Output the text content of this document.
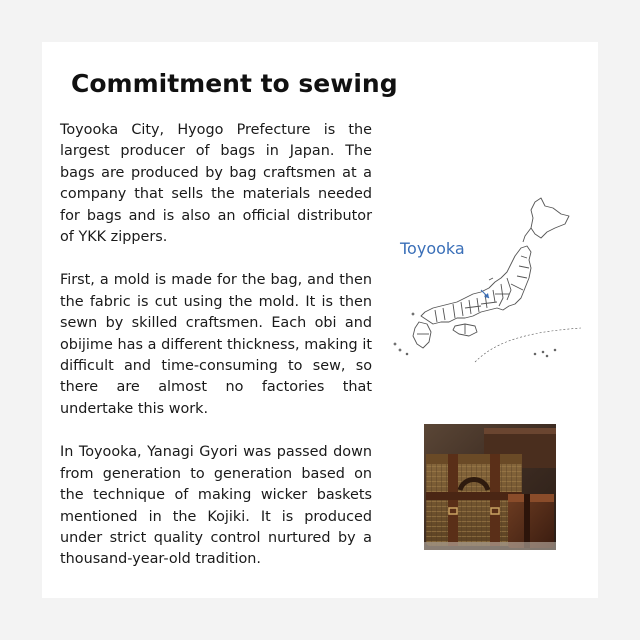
Commitment to sewing

Toyooka City, Hyogo Prefecture is the largest producer of bags in Japan. The bags are produced by bag craftsmen at a company that sells the materials needed for bags and is also an official distributor of YKK zippers.

First, a mold is made for the bag, and then the fabric is cut using the mold. It is then sewn by skilled craftsmen. Each obi and obijime has a different thickness, making it difficult and time-consuming to sew, so there are almost no factories that undertake this work.

In Toyooka, Yanagi Gyori was passed down from generation to generation based on the technique of making wicker baskets mentioned in the Kojiki. It is produced under strict quality control nurtured by a thousand-year-old tradition.

Toyooka
